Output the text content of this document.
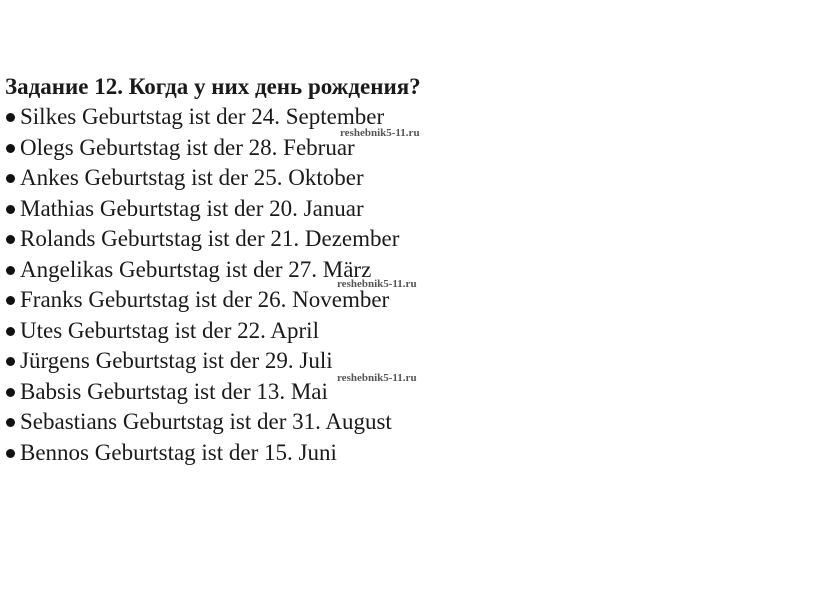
Задание 12. Когда у них день рождения?
Silkes Geburtstag ist der 24. September
Olegs Geburtstag ist der 28. Februar
Ankes Geburtstag ist der 25. Oktober
Mathias Geburtstag ist der 20. Januar
Rolands Geburtstag ist der 21. Dezember
Angelikas Geburtstag ist der 27. März
Franks Geburtstag ist der 26. November
Utes Geburtstag ist der 22. April
Jürgens Geburtstag ist der 29. Juli
Babsis Geburtstag ist der 13. Mai
Sebastians Geburtstag ist der 31. August
Bennos Geburtstag ist der 15. Juni
reshebnik5-11.ru
reshebnik5-11.ru
reshebnik5-11.ru
